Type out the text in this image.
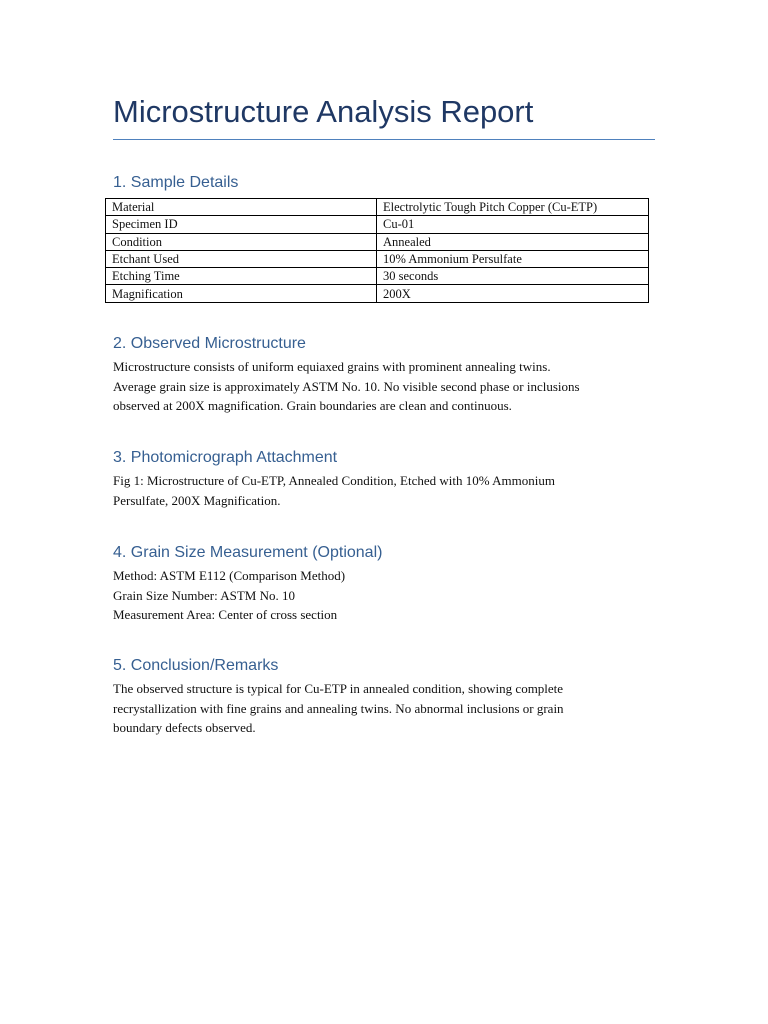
Microstructure Analysis Report
1. Sample Details
Material	Electrolytic Tough Pitch Copper (Cu-ETP)
Specimen ID	Cu-01
Condition	Annealed
Etchant Used	10% Ammonium Persulfate
Etching Time	30 seconds
Magnification	200X
2. Observed Microstructure

Microstructure consists of uniform equiaxed grains with prominent annealing twins.
Average grain size is approximately ASTM No. 10. No visible second phase or inclusions
observed at 200X magnification. Grain boundaries are clean and continuous.

3. Photomicrograph Attachment

Fig 1: Microstructure of Cu-ETP, Annealed Condition, Etched with 10% Ammonium
Persulfate, 200X Magnification.

4. Grain Size Measurement (Optional)

Method: ASTM E112 (Comparison Method)
Grain Size Number: ASTM No. 10
Measurement Area: Center of cross section

5. Conclusion/Remarks

The observed structure is typical for Cu-ETP in annealed condition, showing complete
recrystallization with fine grains and annealing twins. No abnormal inclusions or grain
boundary defects observed.
